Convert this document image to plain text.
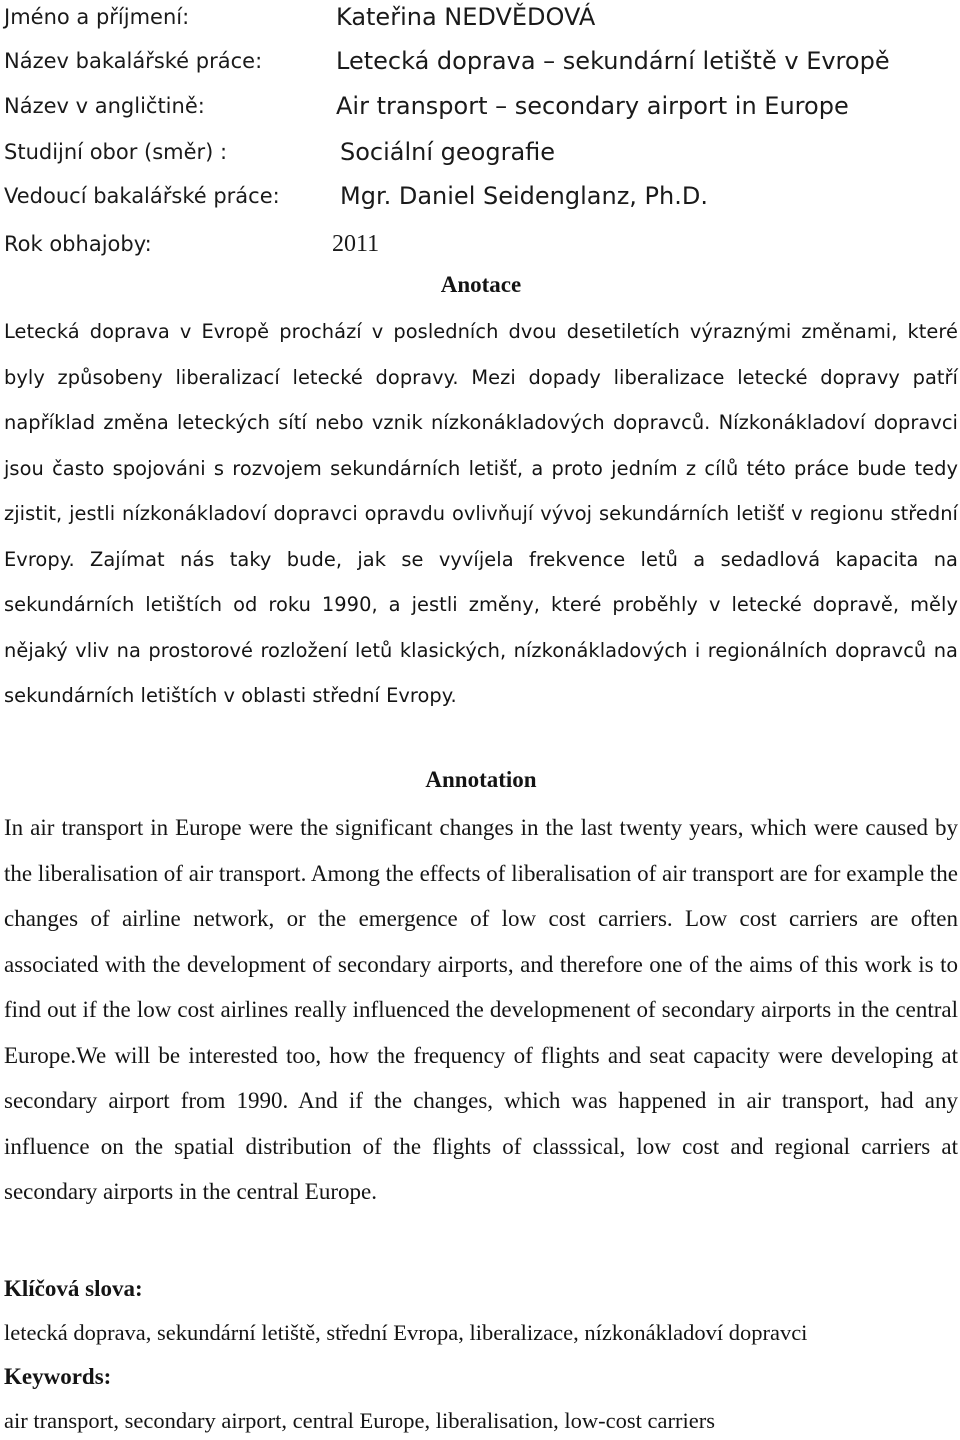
Jméno a příjmení:	Kateřina NEDVĚDOVÁ
Název bakalářské práce:	Letecká doprava – sekundární letiště v Evropě
Název v angličtině:	Air transport – secondary airport in Europe
Studijní obor (směr) :	Sociální geografie
Vedoucí bakalářské práce:	Mgr. Daniel Seidenglanz, Ph.D.
Rok obhajoby:	2011
Anotace
Letecká doprava v Evropě prochází v posledních dvou desetiletích výraznými změnami, které byly způsobeny liberalizací letecké dopravy. Mezi dopady liberalizace letecké dopravy patří například změna leteckých sítí nebo vznik nízkonákladových dopravců. Nízkonákladoví dopravci jsou často spojováni s rozvojem sekundárních letišť, a proto jedním z cílů této práce bude tedy zjistit, jestli nízkonákladoví dopravci opravdu ovlivňují vývoj sekundárních letišť v regionu střední Evropy. Zajímat nás taky bude, jak se vyvíjela frekvence letů a sedadlová kapacita na sekundárních letištích od roku 1990, a jestli změny, které proběhly v letecké dopravě, měly nějaký vliv na prostorové rozložení letů klasických, nízkonákladových i regionálních dopravců na sekundárních letištích v oblasti střední Evropy.
Annotation
In air transport in Europe were the significant changes in the last twenty years, which were caused by the liberalisation of air transport. Among the effects of liberalisation of air transport are for example the changes of airline network, or the emergence of low cost carriers. Low cost carriers are often associated with the development of secondary airports, and therefore one of the aims of this work is to find out if the low cost airlines really influenced the developmenent of secondary airports in the central Europe.We will be interested too, how the frequency of flights and seat capacity were developing at secondary airport from 1990. And if the changes, which was happened in air transport, had any influence on the spatial distribution of the flights of classsical, low cost and regional carriers at secondary airports in the central Europe.
Klíčová slova:
letecká doprava, sekundární letiště, střední Evropa, liberalizace, nízkonákladoví dopravci
Keywords:
air transport, secondary airport, central Europe, liberalisation, low-cost carriers
